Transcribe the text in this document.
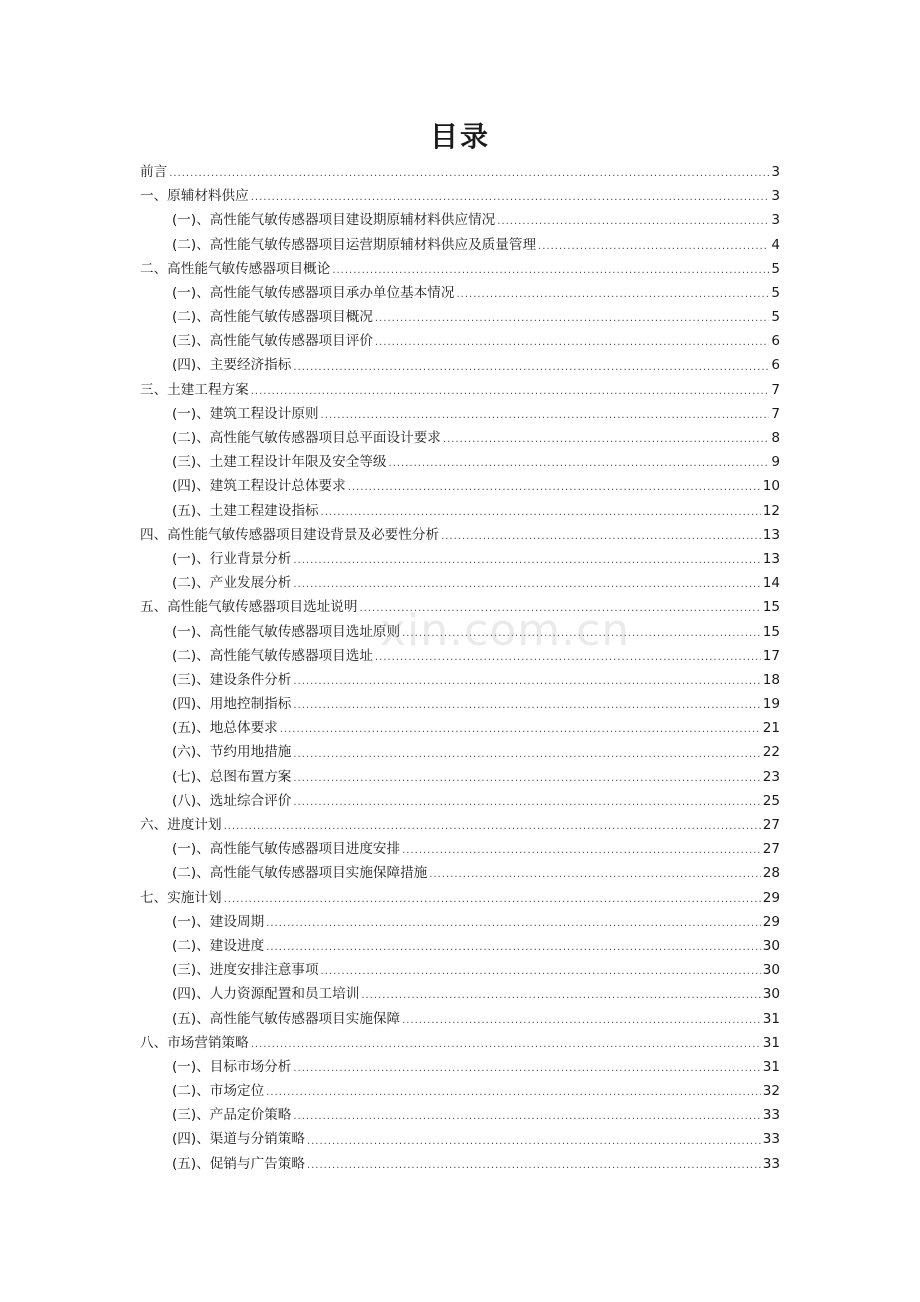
目录
前言 .....	3
一、原辅材料供应 .....	3
(一)、高性能气敏传感器项目建设期原辅材料供应情况 .....	3
(二)、高性能气敏传感器项目运营期原辅材料供应及质量管理 .....	4
二、高性能气敏传感器项目概论 .....	5
(一)、高性能气敏传感器项目承办单位基本情况 .....	5
(二)、高性能气敏传感器项目概况 .....	5
(三)、高性能气敏传感器项目评价 .....	6
(四)、主要经济指标 .....	6
三、土建工程方案 .....	7
(一)、建筑工程设计原则 .....	7
(二)、高性能气敏传感器项目总平面设计要求 .....	8
(三)、土建工程设计年限及安全等级 .....	9
(四)、建筑工程设计总体要求 .....	10
(五)、土建工程建设指标 .....	12
四、高性能气敏传感器项目建设背景及必要性分析 .....	13
(一)、行业背景分析 .....	13
(二)、产业发展分析 .....	14
五、高性能气敏传感器项目选址说明 .....	15
(一)、高性能气敏传感器项目选址原则 .....	15
(二)、高性能气敏传感器项目选址 .....	17
(三)、建设条件分析 .....	18
(四)、用地控制指标 .....	19
(五)、地总体要求 .....	21
(六)、节约用地措施 .....	22
(七)、总图布置方案 .....	23
(八)、选址综合评价 .....	25
六、进度计划 .....	27
(一)、高性能气敏传感器项目进度安排 .....	27
(二)、高性能气敏传感器项目实施保障措施 .....	28
七、实施计划 .....	29
(一)、建设周期 .....	29
(二)、建设进度 .....	30
(三)、进度安排注意事项 .....	30
(四)、人力资源配置和员工培训 .....	30
(五)、高性能气敏传感器项目实施保障 .....	31
八、市场营销策略 .....	31
(一)、目标市场分析 .....	31
(二)、市场定位 .....	32
(三)、产品定价策略 .....	33
(四)、渠道与分销策略 .....	33
(五)、促销与广告策略 .....	33
xin.com.cn
